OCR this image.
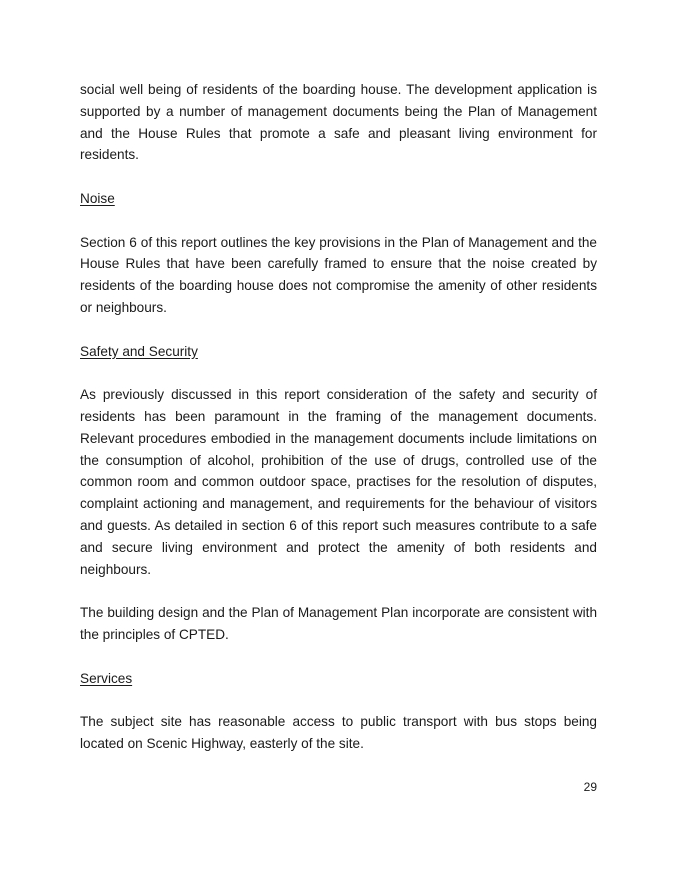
social well being of residents of the boarding house. The development application is supported by a number of management documents being the Plan of Management and the House Rules that promote a safe and pleasant living environment for residents.

Noise

Section 6 of this report outlines the key provisions in the Plan of Management and the House Rules that have been carefully framed to ensure that the noise created by residents of the boarding house does not compromise the amenity of other residents or neighbours.

Safety and Security

As previously discussed in this report consideration of the safety and security of residents has been paramount in the framing of the management documents. Relevant procedures embodied in the management documents include limitations on the consumption of alcohol, prohibition of the use of drugs, controlled use of the common room and common outdoor space, practises for the resolution of disputes, complaint actioning and management, and requirements for the behaviour of visitors and guests. As detailed in section 6 of this report such measures contribute to a safe and secure living environment and protect the amenity of both residents and neighbours.

The building design and the Plan of Management Plan incorporate are consistent with the principles of CPTED.

Services

The subject site has reasonable access to public transport with bus stops being located on Scenic Highway, easterly of the site.

29
